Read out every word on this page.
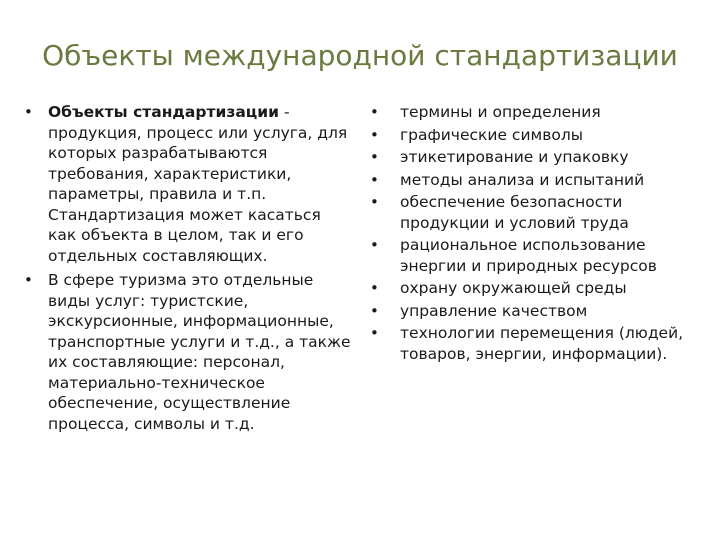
Объекты международной стандартизации
• Объекты стандартизации - продукция, процесс или услуга, для которых разрабатываются требования, характеристики, параметры, правила и т.п. Стандартизация может касаться как объекта в целом, так и его отдельных составляющих.
• В сфере туризма это отдельные виды услуг: туристские, экскурсионные, информационные, транспортные услуги и т.д., а также их составляющие: персонал, материально-техническое обеспечение, осуществление процесса, символы и т.д.
• термины и определения
• графические символы
• этикетирование и упаковку
• методы анализа и испытаний
• обеспечение безопасности продукции и условий труда
• рациональное использование энергии и природных ресурсов
• охрану окружающей среды
• управление качеством
• технологии перемещения (людей, товаров, энергии, информации).
